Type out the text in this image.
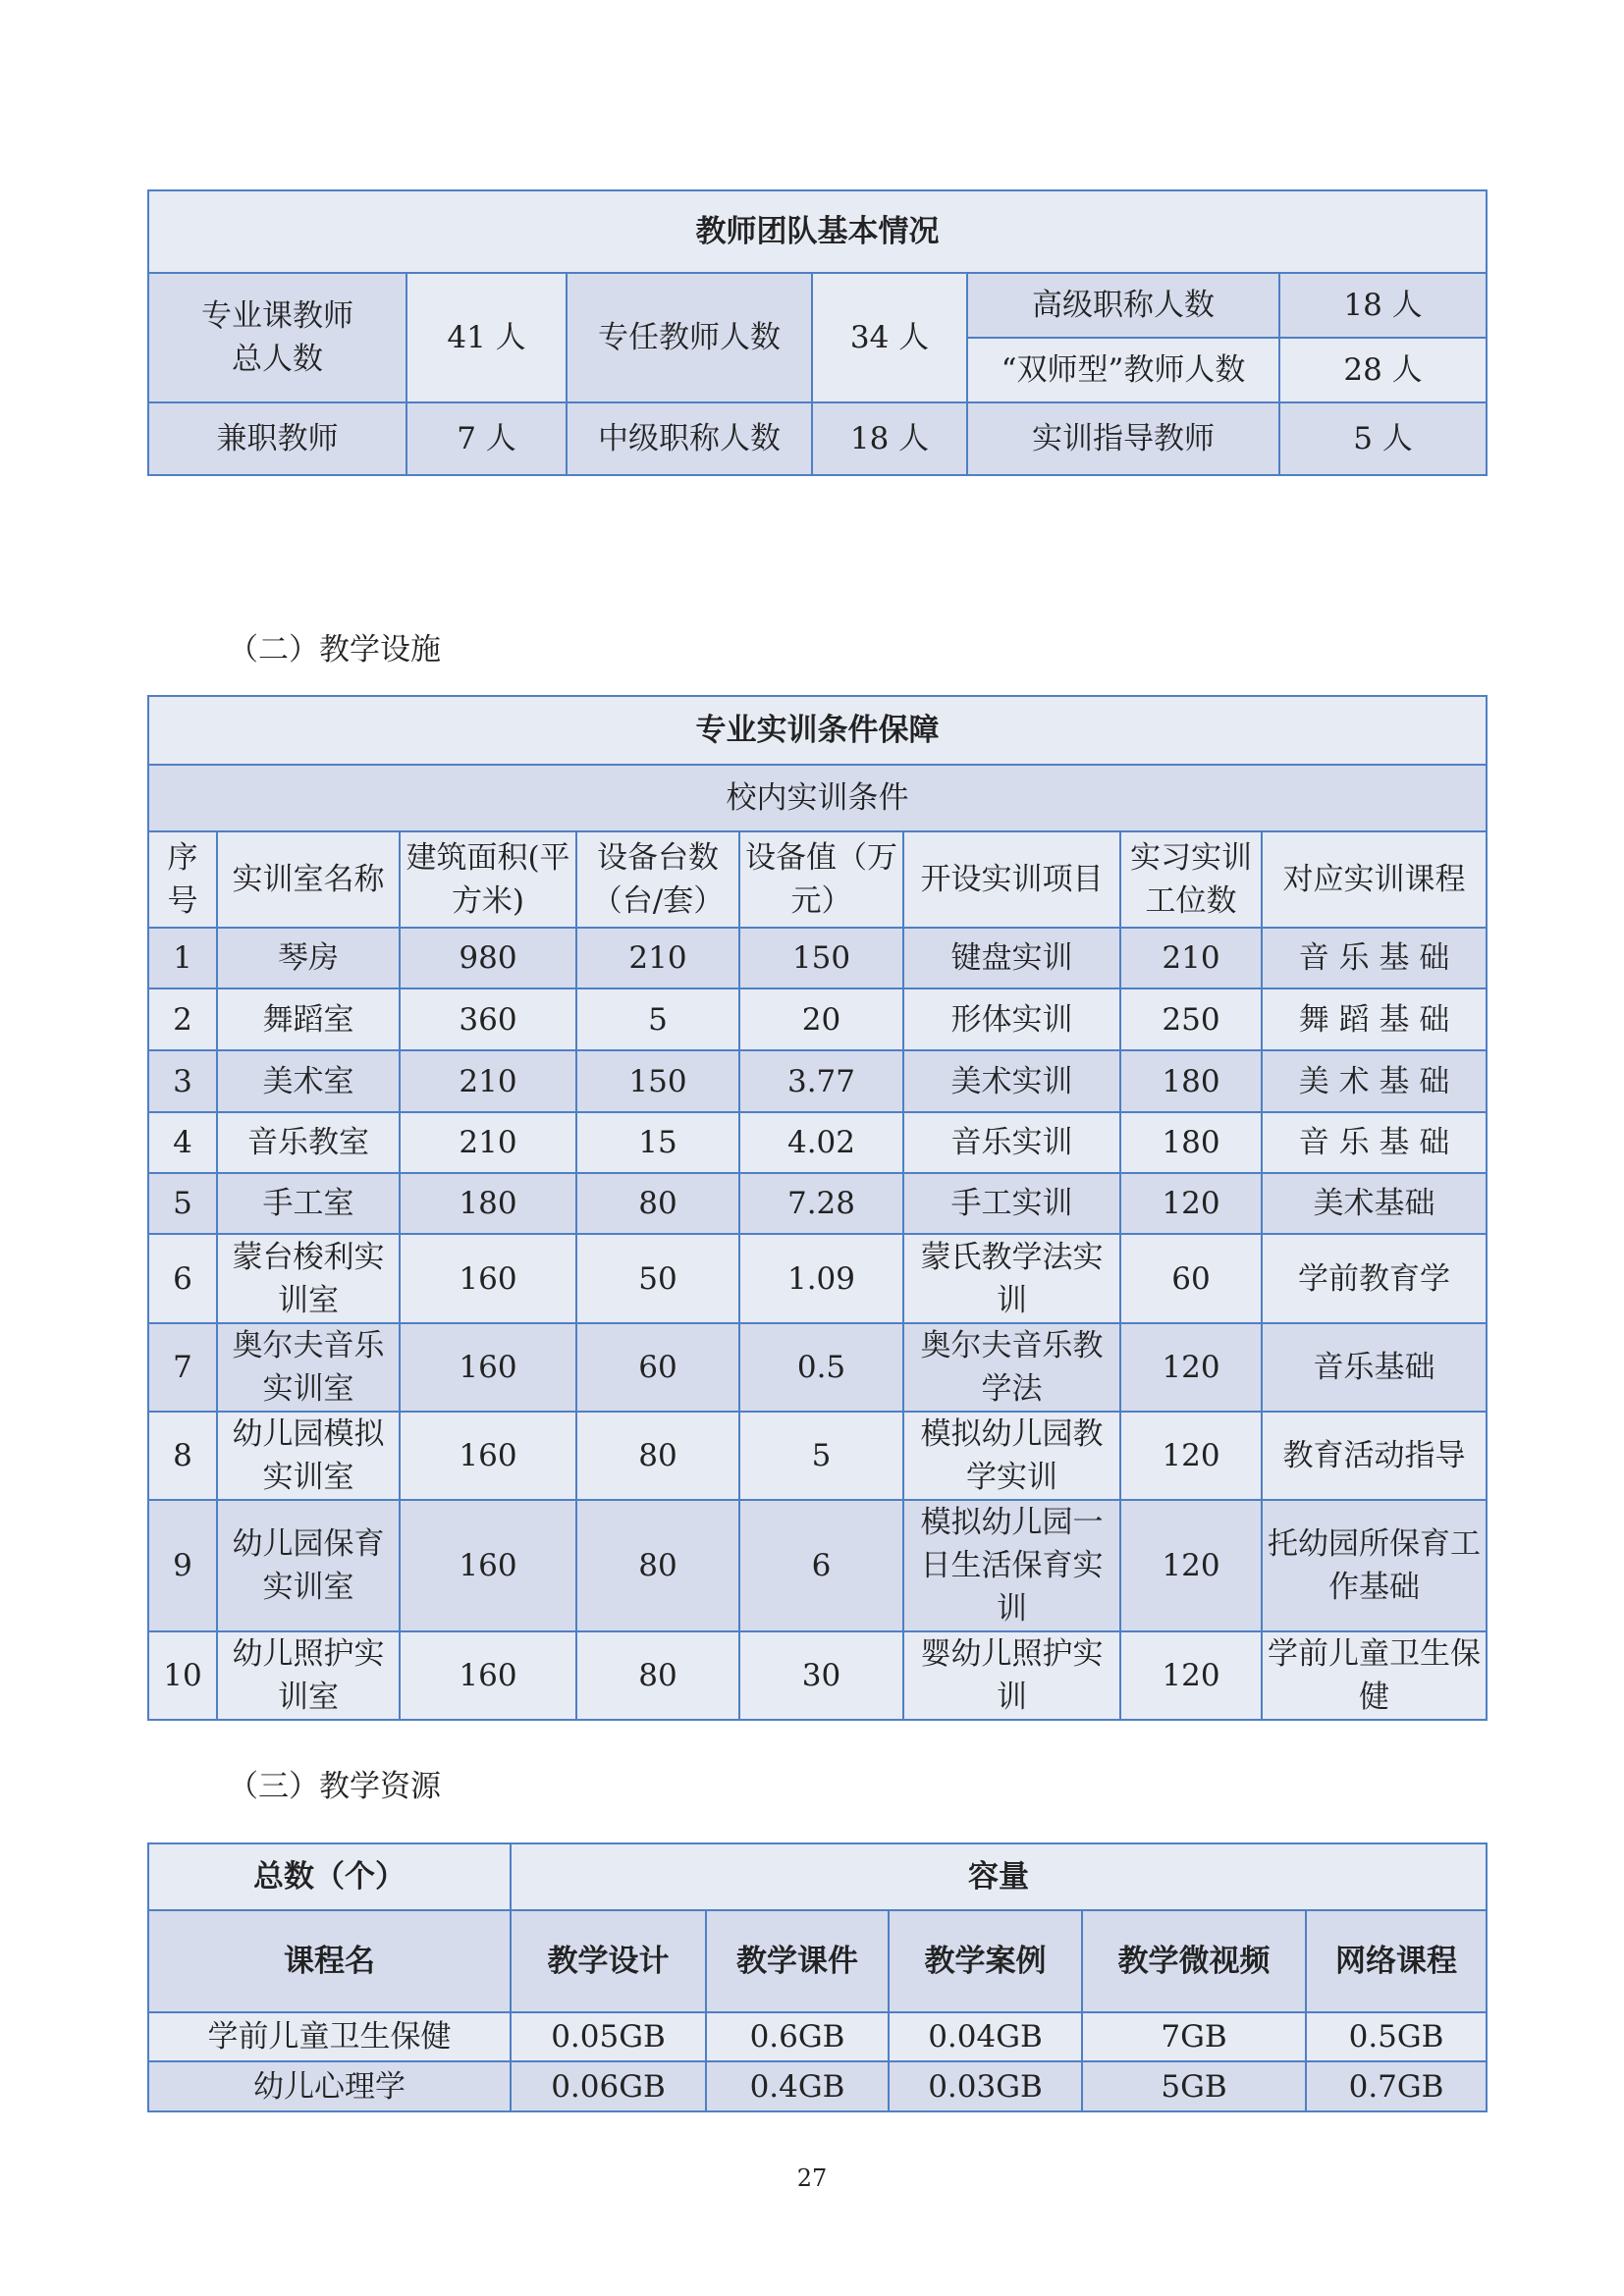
教师团队基本情况					
专业课教师总人数	41 人	专任教师人数	34 人	高级职称人数	18 人
				“双师型”教师人数	28 人
兼职教师	7 人	中级职称人数	18 人	实训指导教师	5 人
（二）教学设施
专业实训条件保障							
校内实训条件							
序号	实训室名称	建筑面积(平方米)	设备台数（台/套）	设备值（万元）	开设实训项目	实习实训工位数	对应实训课程
1	琴房	980	210	150	键盘实训	210	音 乐 基 础
2	舞蹈室	360	5	20	形体实训	250	舞 蹈 基 础
3	美术室	210	150	3.77	美术实训	180	美 术 基 础
4	音乐教室	210	15	4.02	音乐实训	180	音 乐 基 础
5	手工室	180	80	7.28	手工实训	120	美术基础
6	蒙台梭利实训室	160	50	1.09	蒙氏教学法实训	60	学前教育学
7	奥尔夫音乐实训室	160	60	0.5	奥尔夫音乐教学法	120	音乐基础
8	幼儿园模拟实训室	160	80	5	模拟幼儿园教学实训	120	教育活动指导
9	幼儿园保育实训室	160	80	6	模拟幼儿园一日生活保育实训	120	托幼园所保育工作基础
10	幼儿照护实训室	160	80	30	婴幼儿照护实训	120	学前儿童卫生保健
（三）教学资源
总数（个）	容量				
课程名	教学设计	教学课件	教学案例	教学微视频	网络课程
学前儿童卫生保健	0.05GB	0.6GB	0.04GB	7GB	0.5GB
幼儿心理学	0.06GB	0.4GB	0.03GB	5GB	0.7GB
27
